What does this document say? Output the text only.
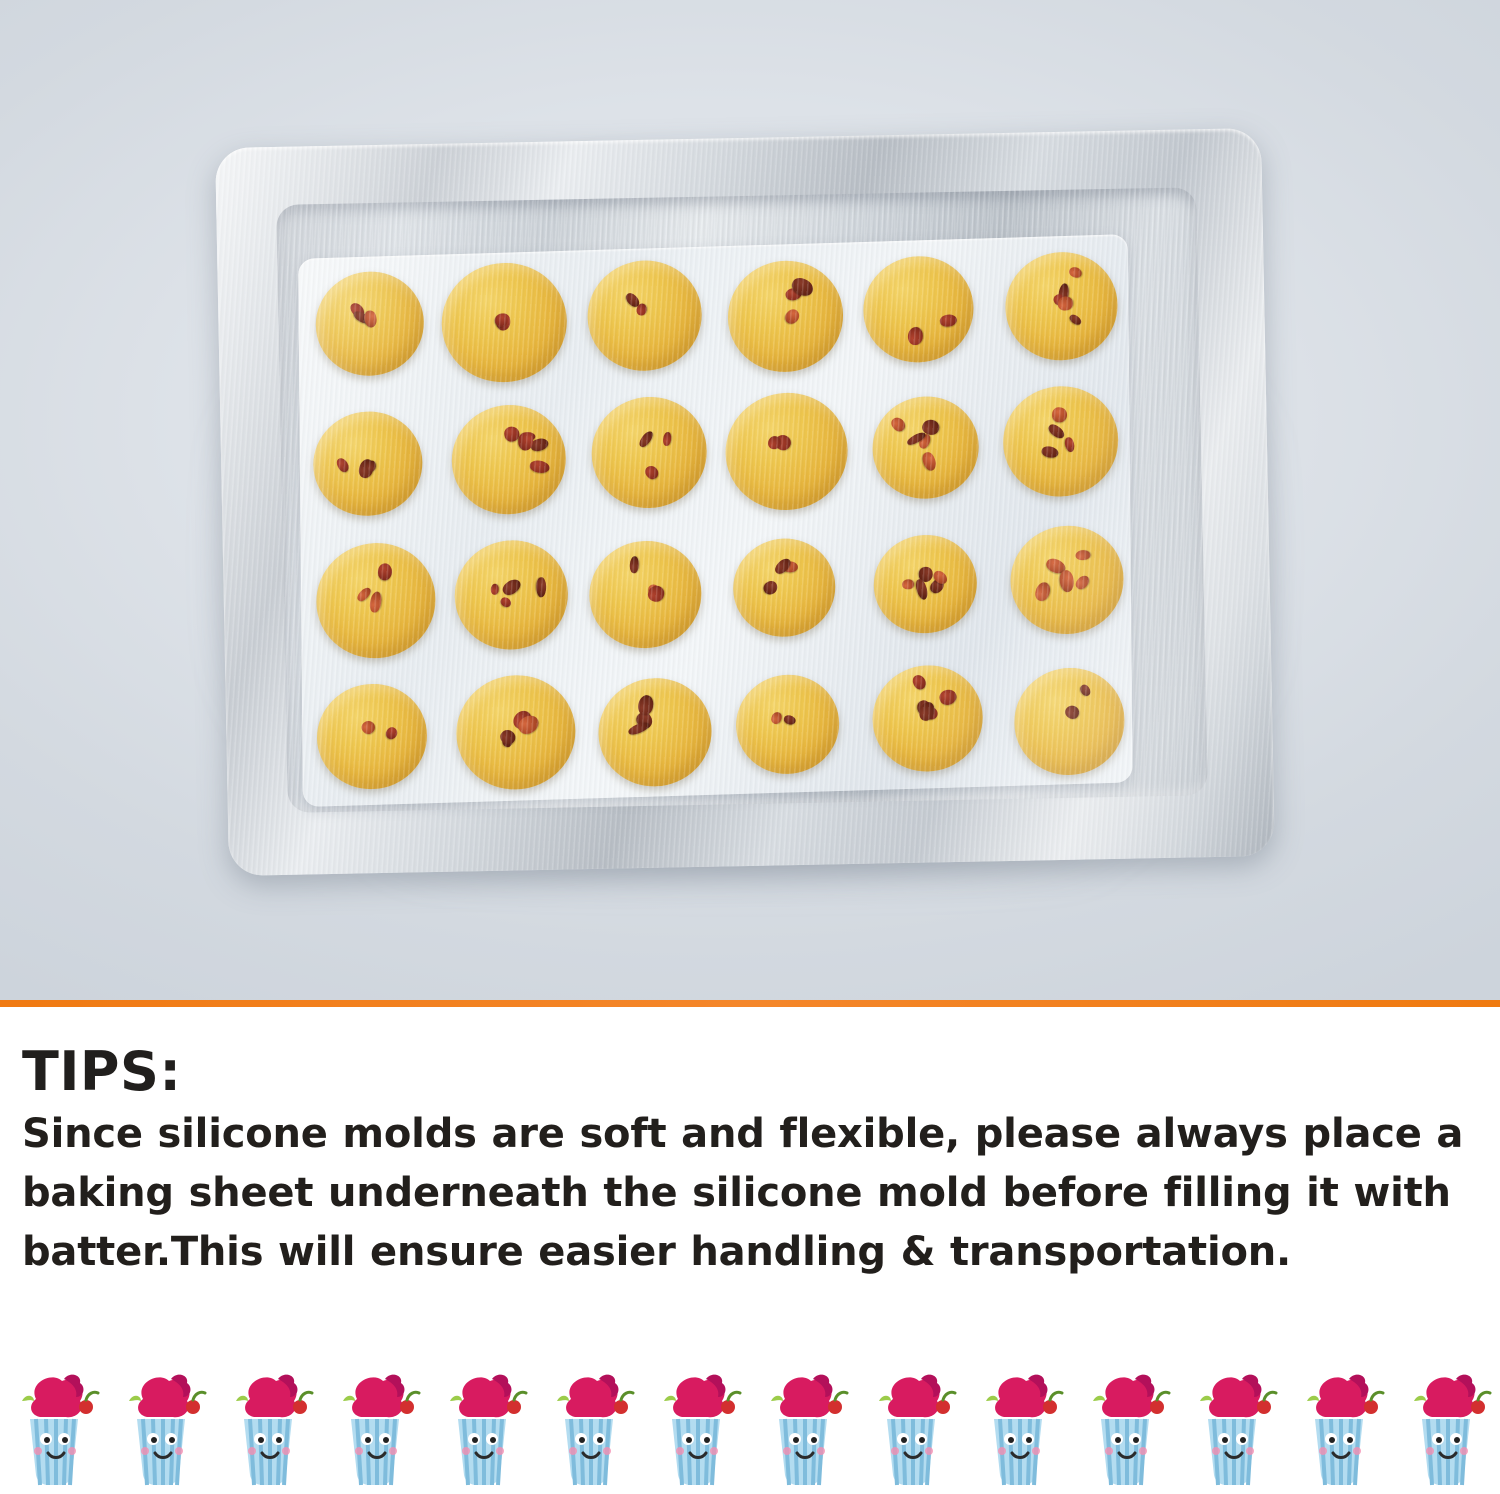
TIPS:
Since silicone molds are soft and flexible, please always place a baking sheet underneath the silicone mold before filling it with batter.This will ensure easier handling & transportation.
